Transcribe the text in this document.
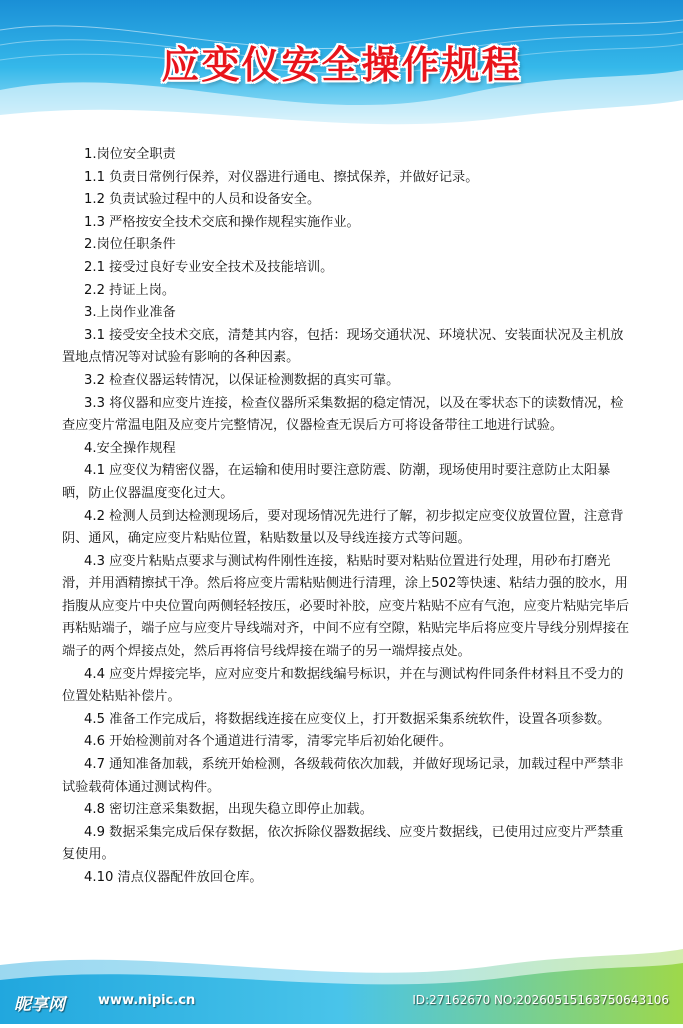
应变仪安全操作规程

1.岗位安全职责

1.1 负责日常例行保养，对仪器进行通电、擦拭保养，并做好记录。

1.2 负责试验过程中的人员和设备安全。

1.3 严格按安全技术交底和操作规程实施作业。

2.岗位任职条件

2.1 接受过良好专业安全技术及技能培训。

2.2 持证上岗。

3.上岗作业准备

3.1 接受安全技术交底，清楚其内容，包括：现场交通状况、环境状况、安装面状况及主机放置地点情况等对试验有影响的各种因素。

3.2 检查仪器运转情况，以保证检测数据的真实可靠。

3.3 将仪器和应变片连接，检查仪器所采集数据的稳定情况，以及在零状态下的读数情况，检查应变片常温电阻及应变片完整情况，仪器检查无误后方可将设备带往工地进行试验。

4.安全操作规程

4.1 应变仪为精密仪器，在运输和使用时要注意防震、防潮，现场使用时要注意防止太阳暴晒，防止仪器温度变化过大。

4.2 检测人员到达检测现场后，要对现场情况先进行了解，初步拟定应变仪放置位置，注意背阴、通风，确定应变片粘贴位置，粘贴数量以及导线连接方式等问题。

4.3 应变片粘贴点要求与测试构件刚性连接，粘贴时要对粘贴位置进行处理，用砂布打磨光滑，并用酒精擦拭干净。然后将应变片需粘贴侧进行清理，涂上502等快速、粘结力强的胶水，用指腹从应变片中央位置向两侧轻轻按压，必要时补胶，应变片粘贴不应有气泡，应变片粘贴完毕后再粘贴端子，端子应与应变片导线端对齐，中间不应有空隙，粘贴完毕后将应变片导线分别焊接在端子的两个焊接点处，然后再将信号线焊接在端子的另一端焊接点处。

4.4 应变片焊接完毕，应对应变片和数据线编号标识，并在与测试构件同条件材料且不受力的位置处粘贴补偿片。

4.5 准备工作完成后，将数据线连接在应变仪上，打开数据采集系统软件，设置各项参数。

4.6 开始检测前对各个通道进行清零，清零完毕后初始化硬件。

4.7 通知准备加载，系统开始检测，各级载荷依次加载，并做好现场记录，加载过程中严禁非试验载荷体通过测试构件。

4.8 密切注意采集数据，出现失稳立即停止加载。

4.9 数据采集完成后保存数据，依次拆除仪器数据线、应变片数据线，已使用过应变片严禁重复使用。

4.10 清点仪器配件放回仓库。

昵享网	www.nipic.cn	ID:27162670 NO:20260515163750643106
